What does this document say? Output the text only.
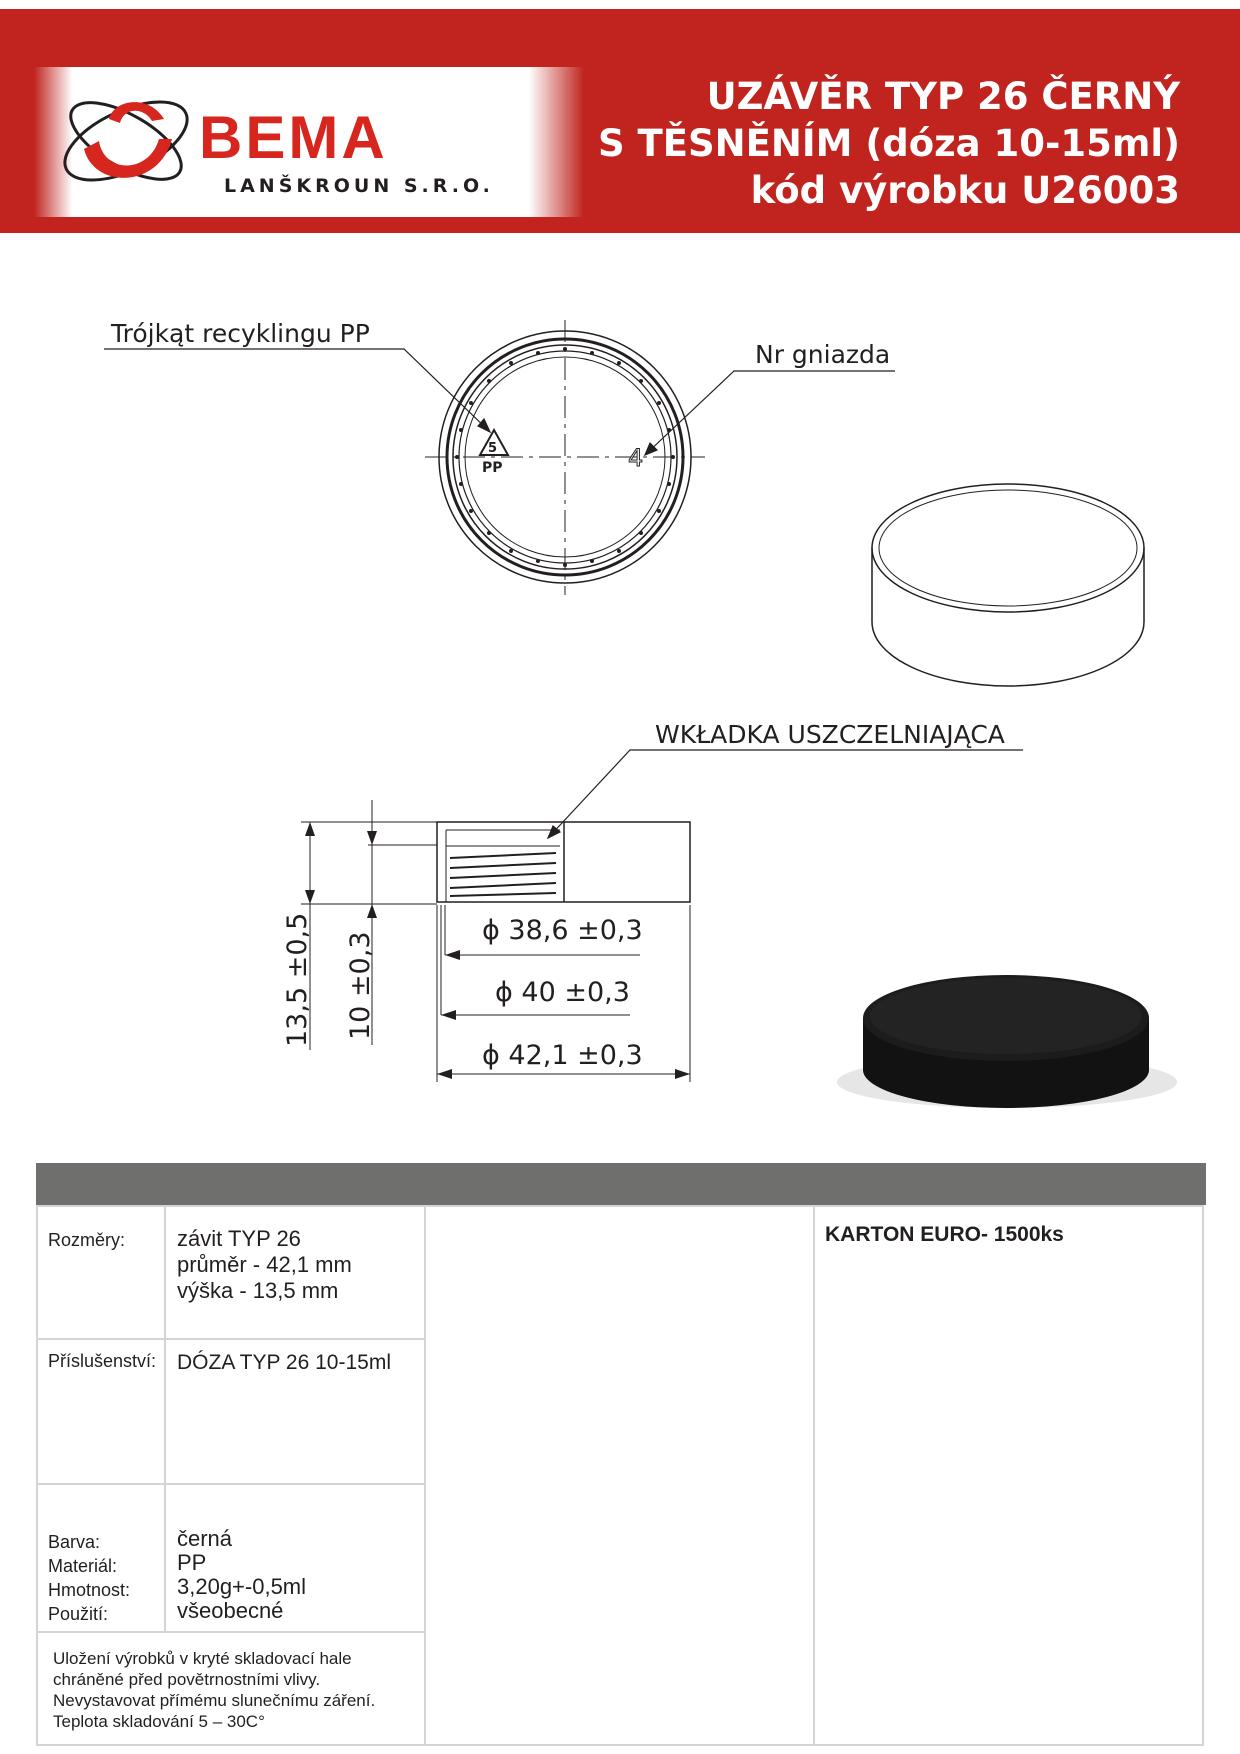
BEMA
LANŠKROUN S.R.O.
UZÁVĚR TYP 26 ČERNÝ
S TĚSNĚNÍM (dóza 10-15ml)
kód výrobku U26003
5
PP	4
Trójkąt recyklingu PP
Nr gniazda
WKŁADKA USZCZELNIAJĄCA
ϕ 38,6 ±0,3
ϕ 40 ±0,3
ϕ 42,1 ±0,3
13,5 ±0,5 10 ±0,3
Rozměry: závit TYP 26
průměr - 42,1 mm
výška - 13,5 mm
Příslušenství: DÓZA TYP 26 10-15ml
Barva:
Materiál:
Hmotnost:
Použití:
černá
PP
3,20g+-0,5ml
všeobecné
Uložení výrobků v kryté skladovací hale
chráněné před povětrnostními vlivy.
Nevystavovat přímému slunečnímu záření.
Teplota skladování 5 – 30C°
KARTON EURO- 1500ks
